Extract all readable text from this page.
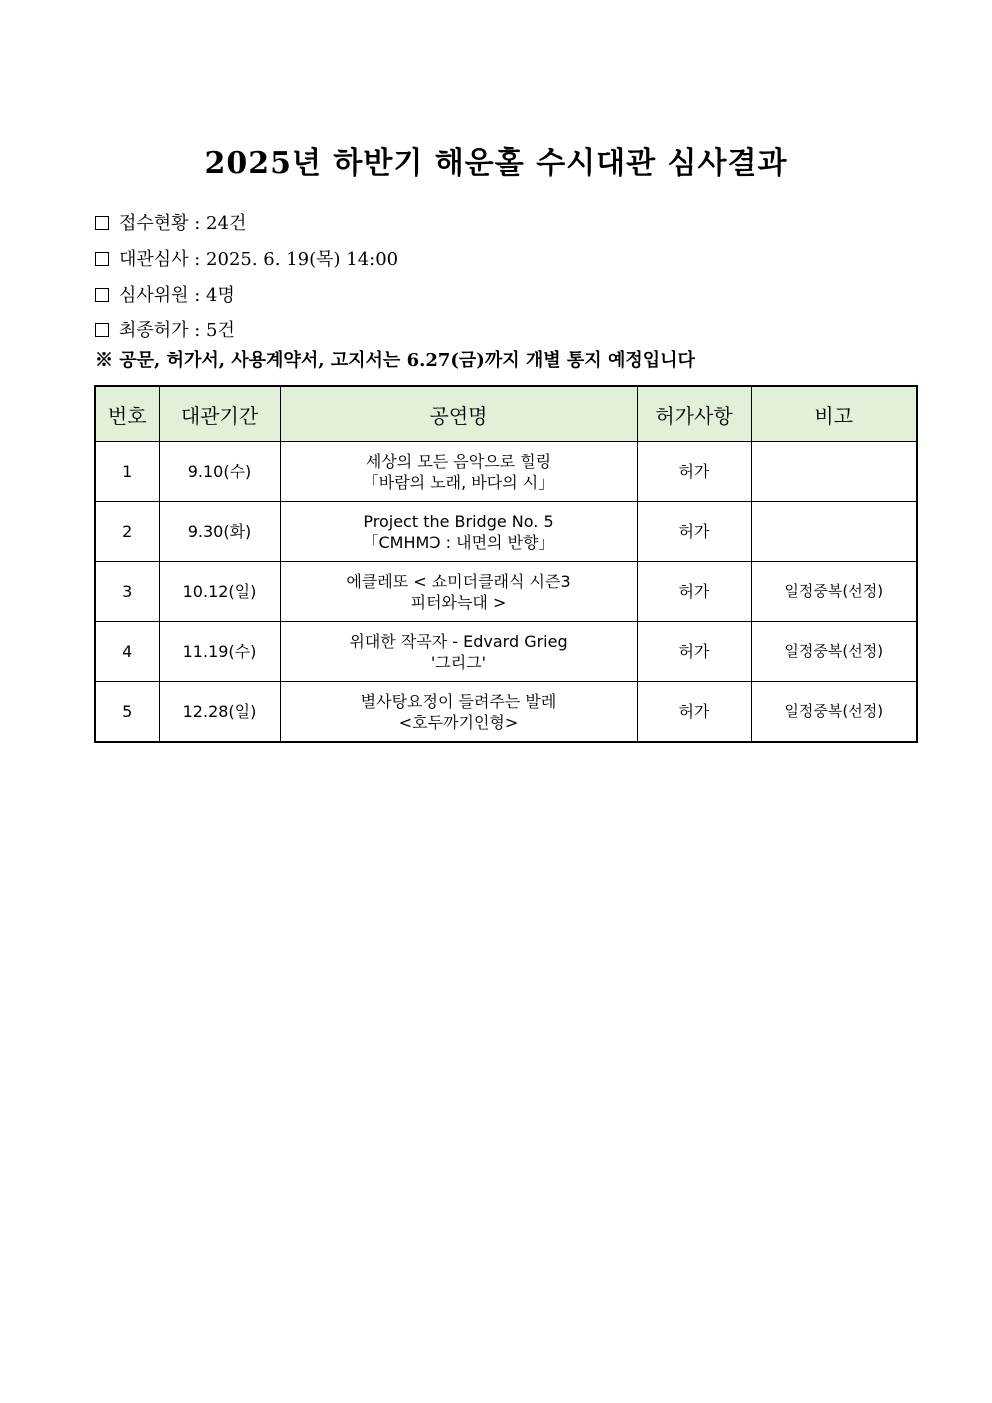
2025년 하반기 해운홀 수시대관 심사결과
접수현황 : 24건
대관심사 : 2025. 6. 19(목) 14:00
심사위원 : 4명
최종허가 : 5건
※ 공문, 허가서, 사용계약서, 고지서는 6.27(금)까지 개별 통지 예정입니다
번호	대관기간	공연명	허가사항	비고
1	9.10(수)	세상의 모든 음악으로 힐링
「바람의 노래, 바다의 시」	허가	
2	9.30(화)	Project the Bridge No. 5
「CMHMↃ : 내면의 반향」	허가	
3	10.12(일)	에클레또 < 쇼미더클래식 시즌3
피터와늑대 >	허가	일정중복(선정)
4	11.19(수)	위대한 작곡자 - Edvard Grieg
'그리그'	허가	일정중복(선정)
5	12.28(일)	별사탕요정이 들려주는 발레
<호두까기인형>	허가	일정중복(선정)
